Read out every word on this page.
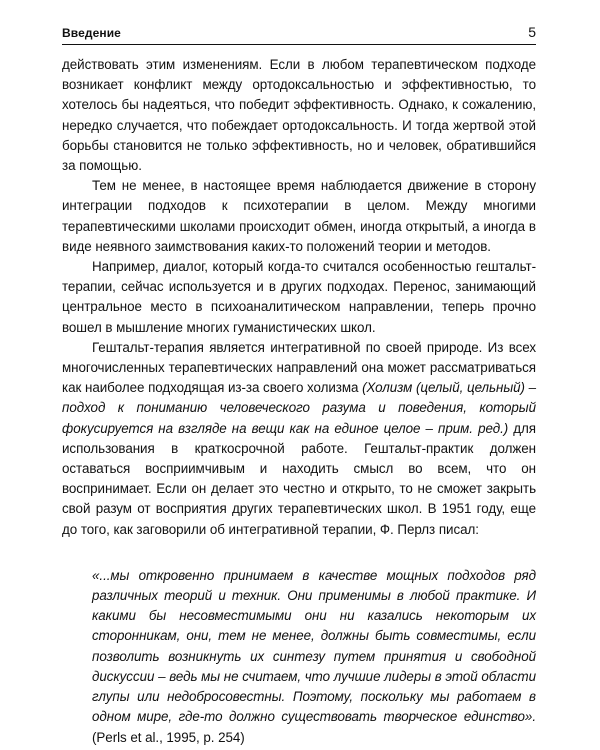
Введение	5

действовать этим изменениям. Если в любом терапевтическом подходе возникает конфликт между ортодоксальностью и эффективностью, то хотелось бы надеяться, что победит эффективность. Однако, к сожалению, нередко случается, что побеждает ортодоксальность. И тогда жертвой этой борьбы становится не только эффективность, но и человек, обратившийся за помощью.

Тем не менее, в настоящее время наблюдается движение в сторону интеграции подходов к психотерапии в целом. Между многими терапевтическими школами происходит обмен, иногда открытый, а иногда в виде неявного заимствования каких-то положений теории и методов.

Например, диалог, который когда-то считался особенностью гештальт-терапии, сейчас используется и в других подходах. Перенос, занимающий центральное место в психоаналитическом направлении, теперь прочно вошел в мышление многих гуманистических школ.

Гештальт-терапия является интегративной по своей природе. Из всех многочисленных терапевтических направлений она может рассматриваться как наиболее подходящая из-за своего холизма (Холизм (целый, цельный) – подход к пониманию человеческого разума и поведения, который фокусируется на взгляде на вещи как на единое целое – прим. ред.) для использования в краткосрочной работе. Гештальт-практик должен оставаться восприимчивым и находить смысл во всем, что он воспринимает. Если он делает это честно и открыто, то не сможет закрыть свой разум от восприятия других терапевтических школ. В 1951 году, еще до того, как заговорили об интегративной терапии, Ф. Перлз писал:

«...мы откровенно принимаем в качестве мощных подходов ряд различных теорий и техник. Они применимы в любой практике. И какими бы несовместимыми они ни казались некоторым их сторонникам, они, тем не менее, должны быть совместимы, если позволить возникнуть их синтезу путем принятия и свободной дискуссии – ведь мы не считаем, что лучшие лидеры в этой области глупы или недобросовестны. Поэтому, поскольку мы работаем в одном мире, где-то должно существовать творческое единство». (Perls et al., 1995, p. 254)
